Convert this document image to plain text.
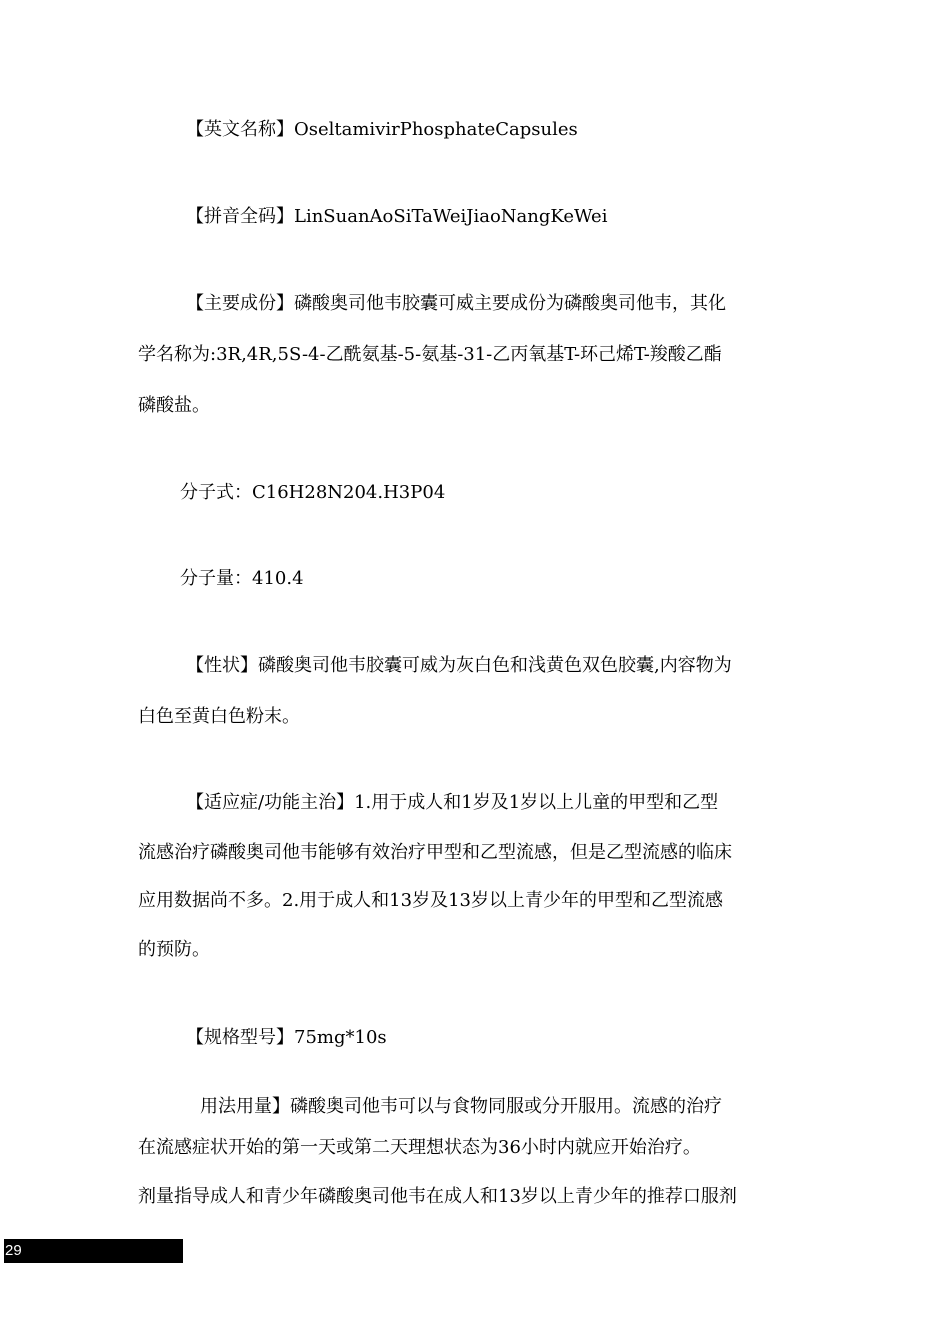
【英文名称】OseltamivirPhosphateCapsules
【拼音全码】LinSuanAoSiTaWeiJiaoNangKeWei
【主要成份】磷酸奥司他韦胶囊可威主要成份为磷酸奥司他韦，其化
学名称为:3R,4R,5S-4-乙酰氨基-5-氨基-31-乙丙氧基T-环己烯T-羧酸乙酯
磷酸盐。
分子式：C16H28N204.H3P04
分子量：410.4
【性状】磷酸奥司他韦胶囊可威为灰白色和浅黄色双色胶囊,内容物为
白色至黄白色粉末。
【适应症/功能主治】1.用于成人和1岁及1岁以上儿童的甲型和乙型
流感治疗磷酸奥司他韦能够有效治疗甲型和乙型流感，但是乙型流感的临床
应用数据尚不多。2.用于成人和13岁及13岁以上青少年的甲型和乙型流感
的预防。
【规格型号】75mg*10s
用法用量】磷酸奥司他韦可以与食物同服或分开服用。流感的治疗
在流感症状开始的第一天或第二天理想状态为36小时内就应开始治疗。
剂量指导成人和青少年磷酸奥司他韦在成人和13岁以上青少年的推荐口服剂
29
